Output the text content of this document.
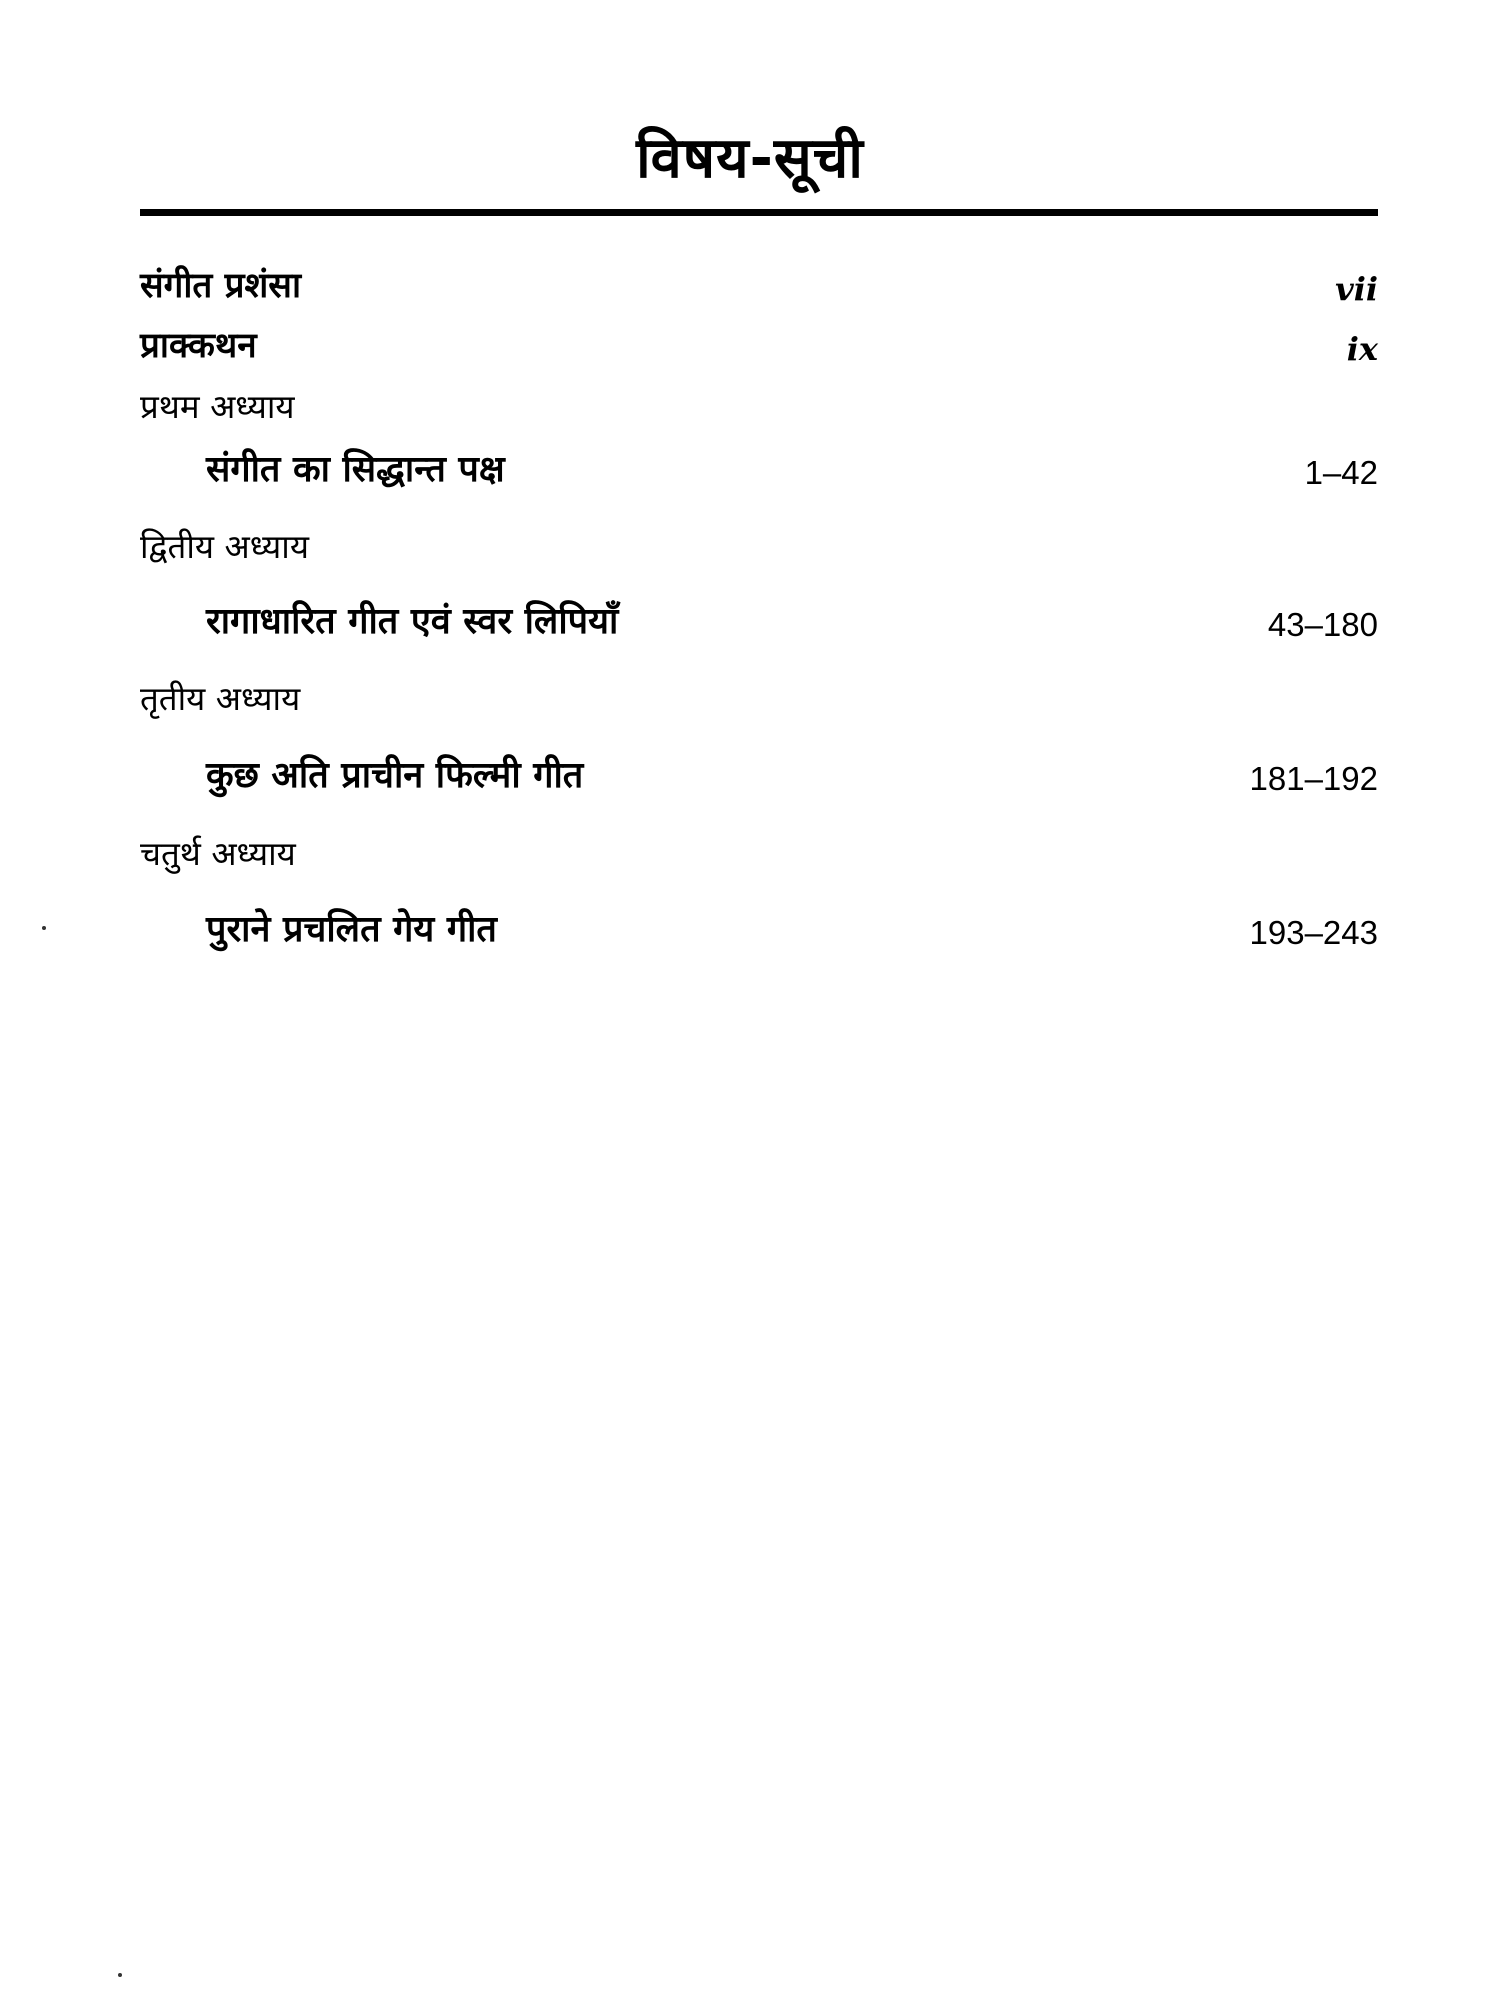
विषय-सूची
संगीत प्रशंसा	vii
प्राक्कथन	ix
प्रथम अध्याय
संगीत का सिद्धान्त पक्ष	1–42
द्वितीय अध्याय
रागाधारित गीत एवं स्वर लिपियाँ	43–180
तृतीय अध्याय
कुछ अति प्राचीन फिल्मी गीत	181–192
चतुर्थ अध्याय
पुराने प्रचलित गेय गीत	193–243
